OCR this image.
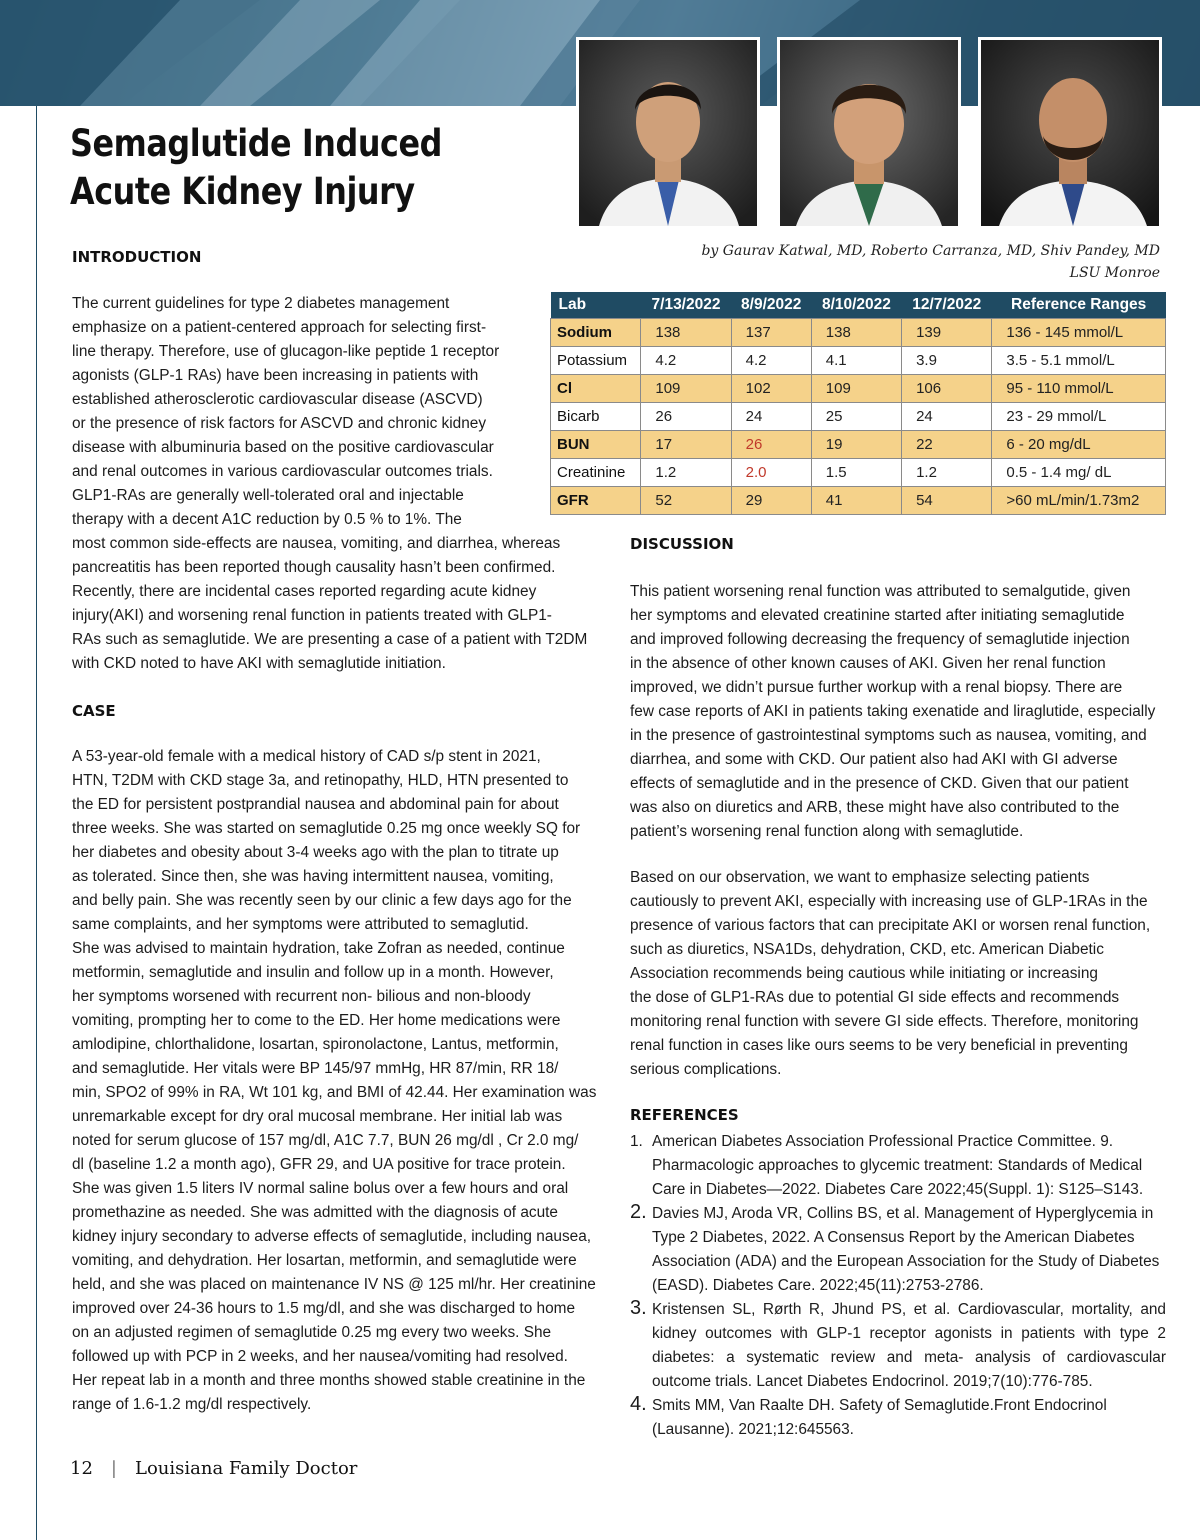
Semaglutide Induced
Acute Kidney Injury
by Gaurav Katwal, MD, Roberto Carranza, MD, Shiv Pandey, MD
LSU Monroe
INTRODUCTION
The current guidelines for type 2 diabetes management
emphasize on a patient-centered approach for selecting first-
line therapy. Therefore, use of glucagon-like peptide 1 receptor
agonists (GLP-1 RAs) have been increasing in patients with
established atherosclerotic cardiovascular disease (ASCVD)
or the presence of risk factors for ASCVD and chronic kidney
disease with albuminuria based on the positive cardiovascular
and renal outcomes in various cardiovascular outcomes trials.
GLP1-RAs are generally well-tolerated oral and injectable
therapy with a decent A1C reduction by 0.5 % to 1%. The
most common side-effects are nausea, vomiting, and diarrhea, whereas
pancreatitis has been reported though causality hasn’t been confirmed.
Recently, there are incidental cases reported regarding acute kidney
injury(AKI) and worsening renal function in patients treated with GLP1-
RAs such as semaglutide. We are presenting a case of a patient with T2DM
with CKD noted to have AKI with semaglutide initiation.
CASE
A 53-year-old female with a medical history of CAD s/p stent in 2021,
HTN, T2DM with CKD stage 3a, and retinopathy, HLD, HTN presented to
the ED for persistent postprandial nausea and abdominal pain for about
three weeks. She was started on semaglutide 0.25 mg once weekly SQ for
her diabetes and obesity about 3-4 weeks ago with the plan to titrate up
as tolerated. Since then, she was having intermittent nausea, vomiting,
and belly pain. She was recently seen by our clinic a few days ago for the
same complaints, and her symptoms were attributed to semaglutid.
She was advised to maintain hydration, take Zofran as needed, continue
metformin, semaglutide and insulin and follow up in a month. However,
her symptoms worsened with recurrent non- bilious and non-bloody
vomiting, prompting her to come to the ED. Her home medications were
amlodipine, chlorthalidone, losartan, spironolactone, Lantus, metformin,
and semaglutide. Her vitals were BP 145/97 mmHg, HR 87/min, RR 18/
min, SPO2 of 99% in RA, Wt 101 kg, and BMI of 42.44. Her examination was
unremarkable except for dry oral mucosal membrane. Her initial lab was
noted for serum glucose of 157 mg/dl, A1C 7.7, BUN 26 mg/dl , Cr 2.0 mg/
dl (baseline 1.2 a month ago), GFR 29, and UA positive for trace protein.
She was given 1.5 liters IV normal saline bolus over a few hours and oral
promethazine as needed. She was admitted with the diagnosis of acute
kidney injury secondary to adverse effects of semaglutide, including nausea,
vomiting, and dehydration. Her losartan, metformin, and semaglutide were
held, and she was placed on maintenance IV NS @ 125 ml/hr. Her creatinine
improved over 24-36 hours to 1.5 mg/dl, and she was discharged to home
on an adjusted regimen of semaglutide 0.25 mg every two weeks. She
followed up with PCP in 2 weeks, and her nausea/vomiting had resolved.
Her repeat lab in a month and three months showed stable creatinine in the
range of 1.6-1.2 mg/dl respectively.
Lab	7/13/2022	8/9/2022	8/10/2022	12/7/2022	Reference Ranges
Sodium	138	137	138	139	136 - 145 mmol/L
Potassium	4.2	4.2	4.1	3.9	3.5 - 5.1 mmol/L
Cl	109	102	109	106	95 - 110 mmol/L
Bicarb	26	24	25	24	23 - 29 mmol/L
BUN	17	26	19	22	6 - 20 mg/dL
Creatinine	1.2	2.0	1.5	1.2	0.5 - 1.4 mg/ dL
GFR	52	29	41	54	>60 mL/min/1.73m2
DISCUSSION
This patient worsening renal function was attributed to semalgutide, given
her symptoms and elevated creatinine started after initiating semaglutide
and improved following decreasing the frequency of semaglutide injection
in the absence of other known causes of AKI. Given her renal function
improved, we didn’t pursue further workup with a renal biopsy. There are
few case reports of AKI in patients taking exenatide and liraglutide, especially
in the presence of gastrointestinal symptoms such as nausea, vomiting, and
diarrhea, and some with CKD. Our patient also had AKI with GI adverse
effects of semaglutide and in the presence of CKD. Given that our patient
was also on diuretics and ARB, these might have also contributed to the
patient’s worsening renal function along with semaglutide.
Based on our observation, we want to emphasize selecting patients
cautiously to prevent AKI, especially with increasing use of GLP-1RAs in the
presence of various factors that can precipitate AKI or worsen renal function,
such as diuretics, NSA1Ds, dehydration, CKD, etc. American Diabetic
Association recommends being cautious while initiating or increasing
the dose of GLP1-RAs due to potential GI side effects and recommends
monitoring renal function with severe GI side effects. Therefore, monitoring
renal function in cases like ours seems to be very beneficial in preventing
serious complications.
REFERENCES
1. American Diabetes Association Professional Practice Committee. 9. Pharmacologic approaches to glycemic treatment: Standards of Medical Care in Diabetes—2022. Diabetes Care 2022;45(Suppl. 1): S125–S143.
2. Davies MJ, Aroda VR, Collins BS, et al. Management of Hyperglycemia in Type 2 Diabetes, 2022. A Consensus Report by the American Diabetes Association (ADA) and the European Association for the Study of Diabetes (EASD). Diabetes Care. 2022;45(11):2753-2786.
3. Kristensen SL, Rørth R, Jhund PS, et al. Cardiovascular, mortality, and kidney outcomes with GLP-1 receptor agonists in patients with type 2 diabetes: a systematic review and meta- analysis of cardiovascular outcome trials. Lancet Diabetes Endocrinol. 2019;7(10):776-785.
4. Smits MM, Van Raalte DH. Safety of Semaglutide.Front Endocrinol (Lausanne). 2021;12:645563.
12 | Louisiana Family Doctor
